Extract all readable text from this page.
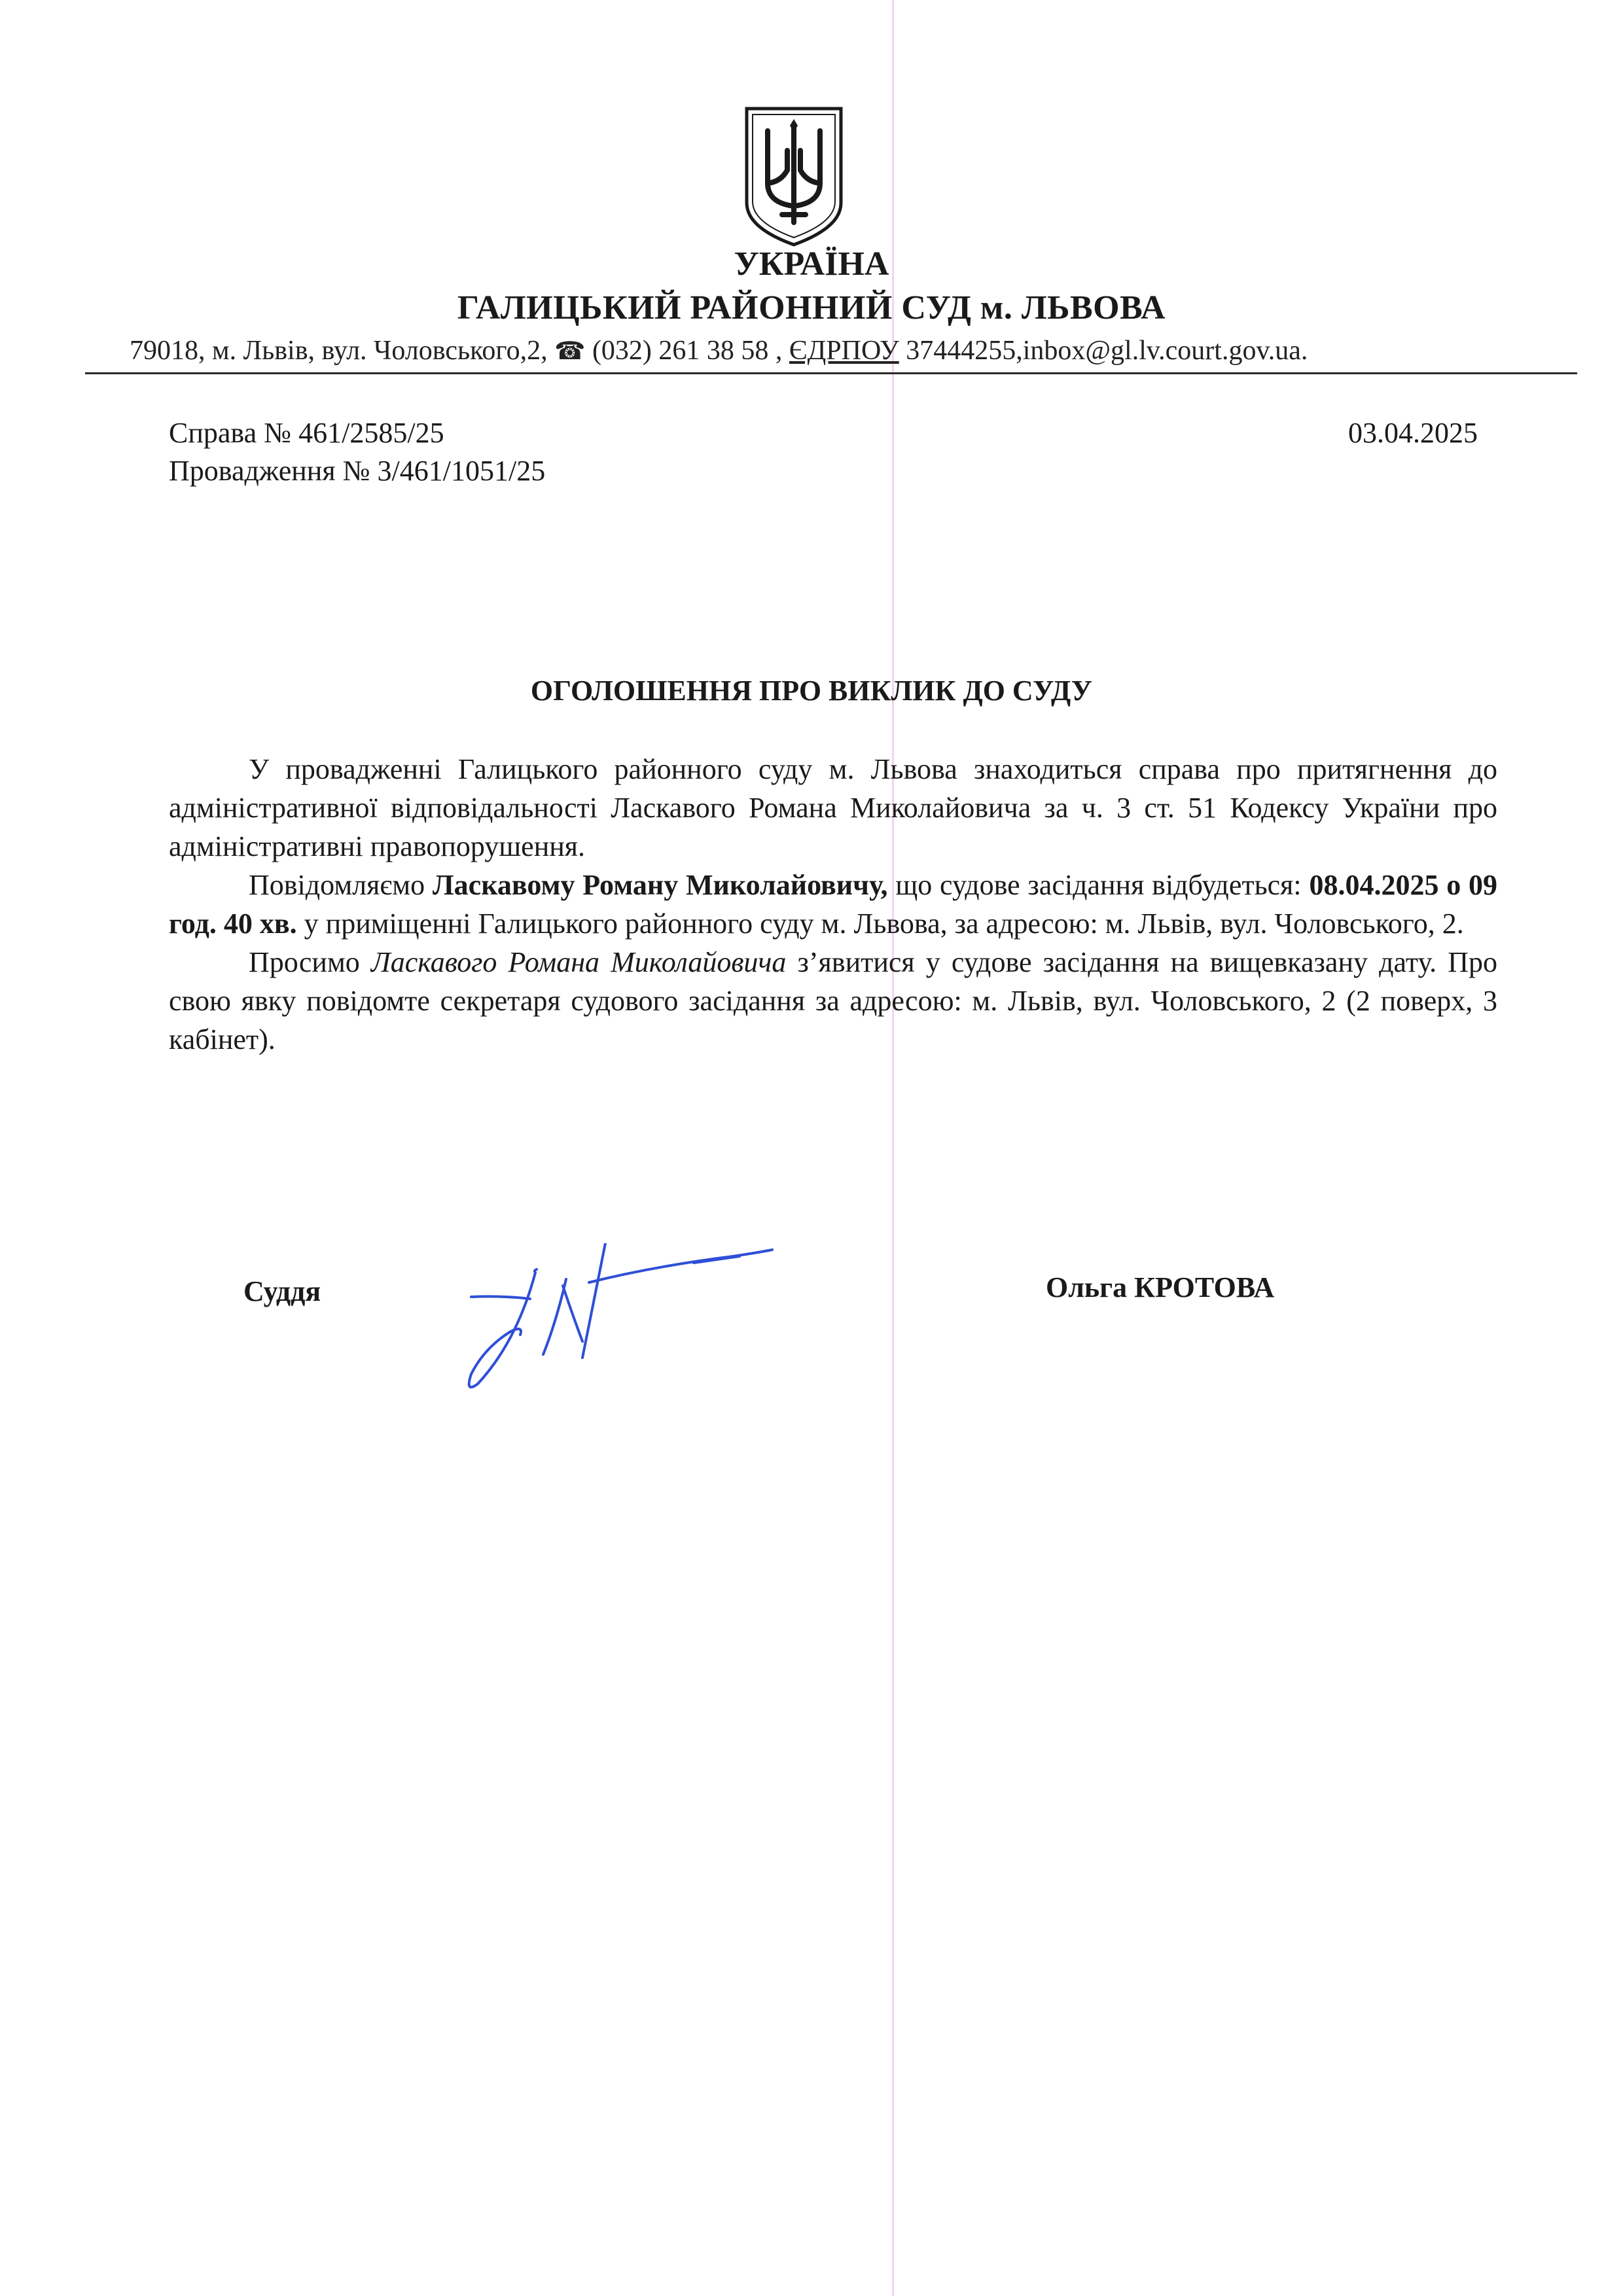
УКРАЇНА
ГАЛИЦЬКИЙ РАЙОННИЙ СУД м. ЛЬВОВА
79018, м. Львів, вул. Чоловського,2, ☎ (032) 261 38 58 , ЄДРПОУ 37444255,inbox@gl.lv.court.gov.ua.
Справа № 461/2585/25
Провадження № 3/461/1051/25
03.04.2025
ОГОЛОШЕННЯ ПРО ВИКЛИК ДО СУДУ

У провадженні Галицького районного суду м. Львова знаходиться справа про притягнення до адміністративної відповідальності Ласкавого Романа Миколайовича за ч. 3 ст. 51 Кодексу України про адміністративні правопорушення.

Повідомляємо Ласкавому Роману Миколайовичу, що судове засідання відбудеться: 08.04.2025 о 09 год. 40 хв. у приміщенні Галицького районного суду м. Львова, за адресою: м. Львів, вул. Чоловського, 2.

Просимо Ласкавого Романа Миколайовича з’явитися у судове засідання на вищевказану дату. Про свою явку повідомте секретаря судового засідання за адресою: м. Львів, вул. Чоловського, 2 (2 поверх, 3 кабінет).

Суддя	Ольга КРОТОВА
